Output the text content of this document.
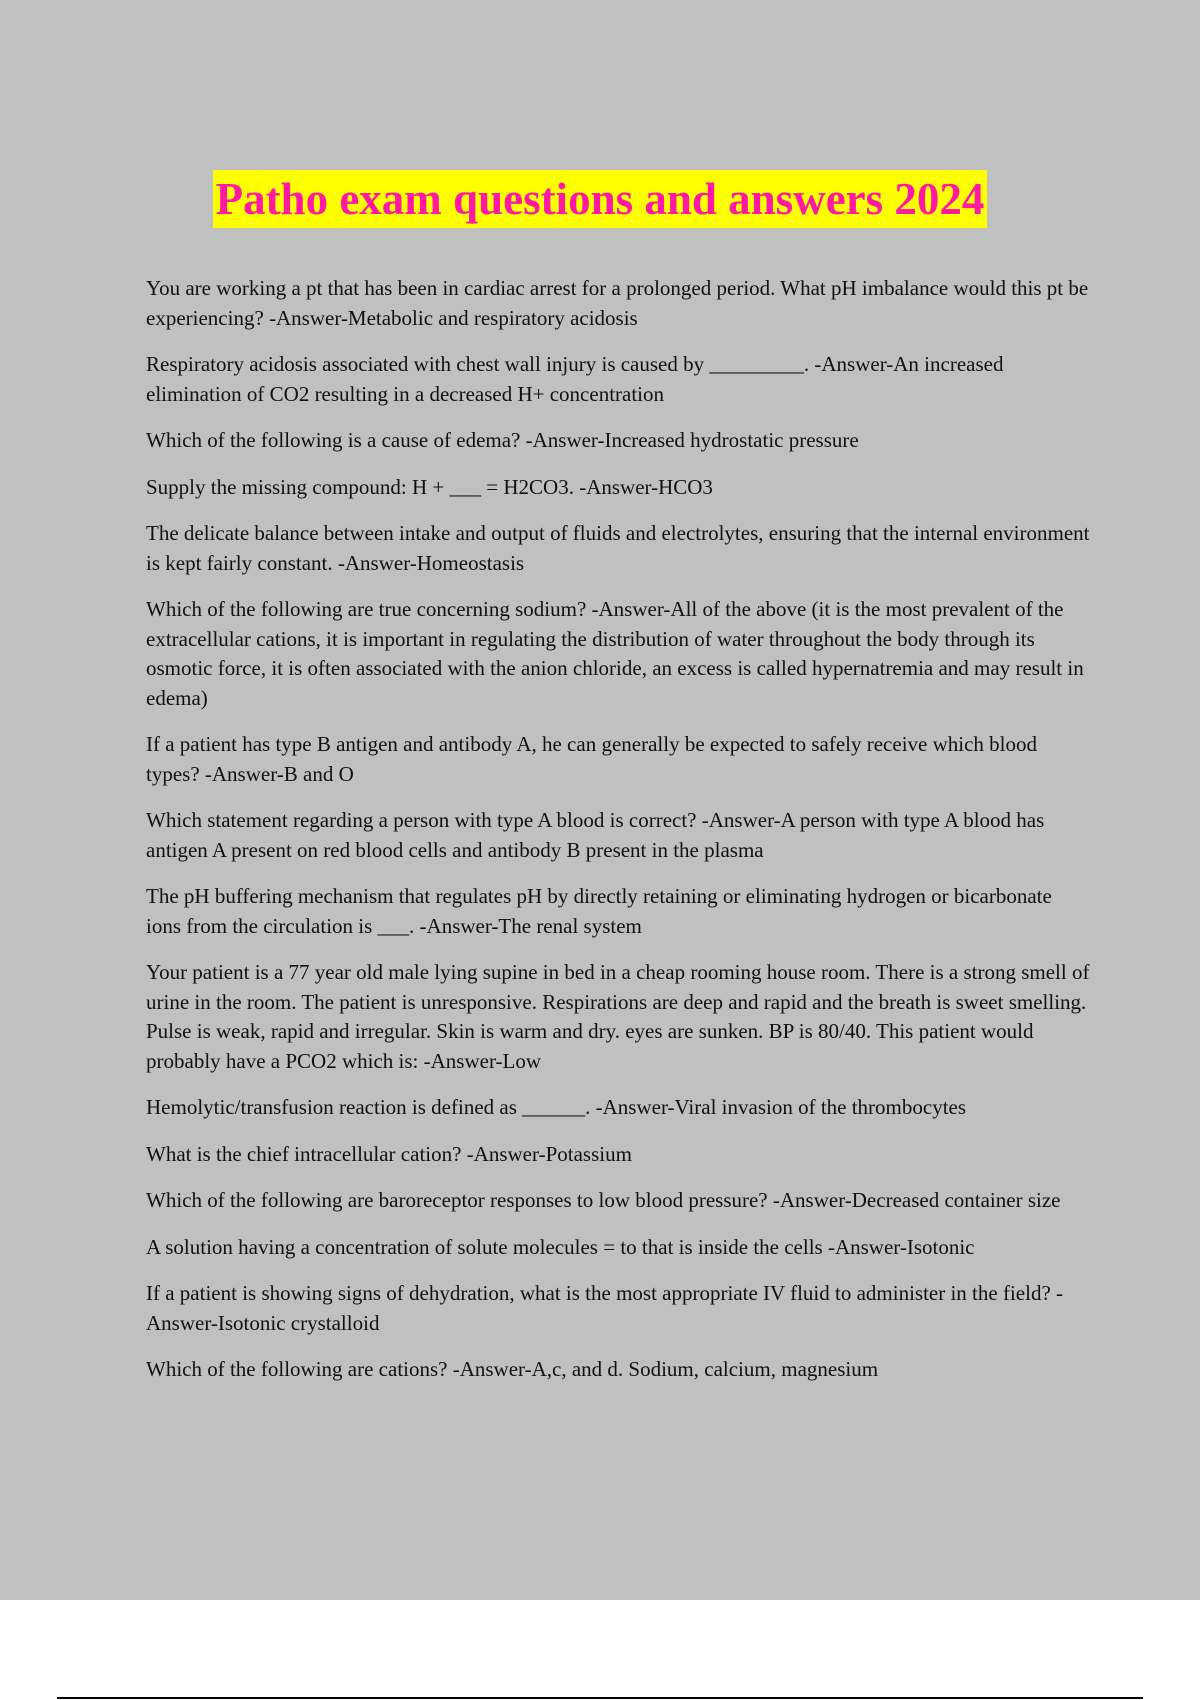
Patho exam questions and answers 2024
You are working a pt that has been in cardiac arrest for a prolonged period. What pH imbalance would this pt be experiencing? -Answer-Metabolic and respiratory acidosis
Respiratory acidosis associated with chest wall injury is caused by _________. -Answer-An increased elimination of CO2 resulting in a decreased H+ concentration
Which of the following is a cause of edema? -Answer-Increased hydrostatic pressure
Supply the missing compound: H + ___ = H2CO3. -Answer-HCO3
The delicate balance between intake and output of fluids and electrolytes, ensuring that the internal environment is kept fairly constant. -Answer-Homeostasis
Which of the following are true concerning sodium? -Answer-All of the above (it is the most prevalent of the extracellular cations, it is important in regulating the distribution of water throughout the body through its osmotic force, it is often associated with the anion chloride, an excess is called hypernatremia and may result in edema)
If a patient has type B antigen and antibody A, he can generally be expected to safely receive which blood types? -Answer-B and O
Which statement regarding a person with type A blood is correct? -Answer-A person with type A blood has antigen A present on red blood cells and antibody B present in the plasma
The pH buffering mechanism that regulates pH by directly retaining or eliminating hydrogen or bicarbonate ions from the circulation is ___. -Answer-The renal system
Your patient is a 77 year old male lying supine in bed in a cheap rooming house room. There is a strong smell of urine in the room. The patient is unresponsive. Respirations are deep and rapid and the breath is sweet smelling. Pulse is weak, rapid and irregular. Skin is warm and dry. eyes are sunken. BP is 80/40. This patient would probably have a PCO2 which is: -Answer-Low
Hemolytic/transfusion reaction is defined as ______. -Answer-Viral invasion of the thrombocytes
What is the chief intracellular cation? -Answer-Potassium
Which of the following are baroreceptor responses to low blood pressure? -Answer-Decreased container size
A solution having a concentration of solute molecules = to that is inside the cells -Answer-Isotonic
If a patient is showing signs of dehydration, what is the most appropriate IV fluid to administer in the field? -Answer-Isotonic crystalloid
Which of the following are cations? -Answer-A,c, and d. Sodium, calcium, magnesium
